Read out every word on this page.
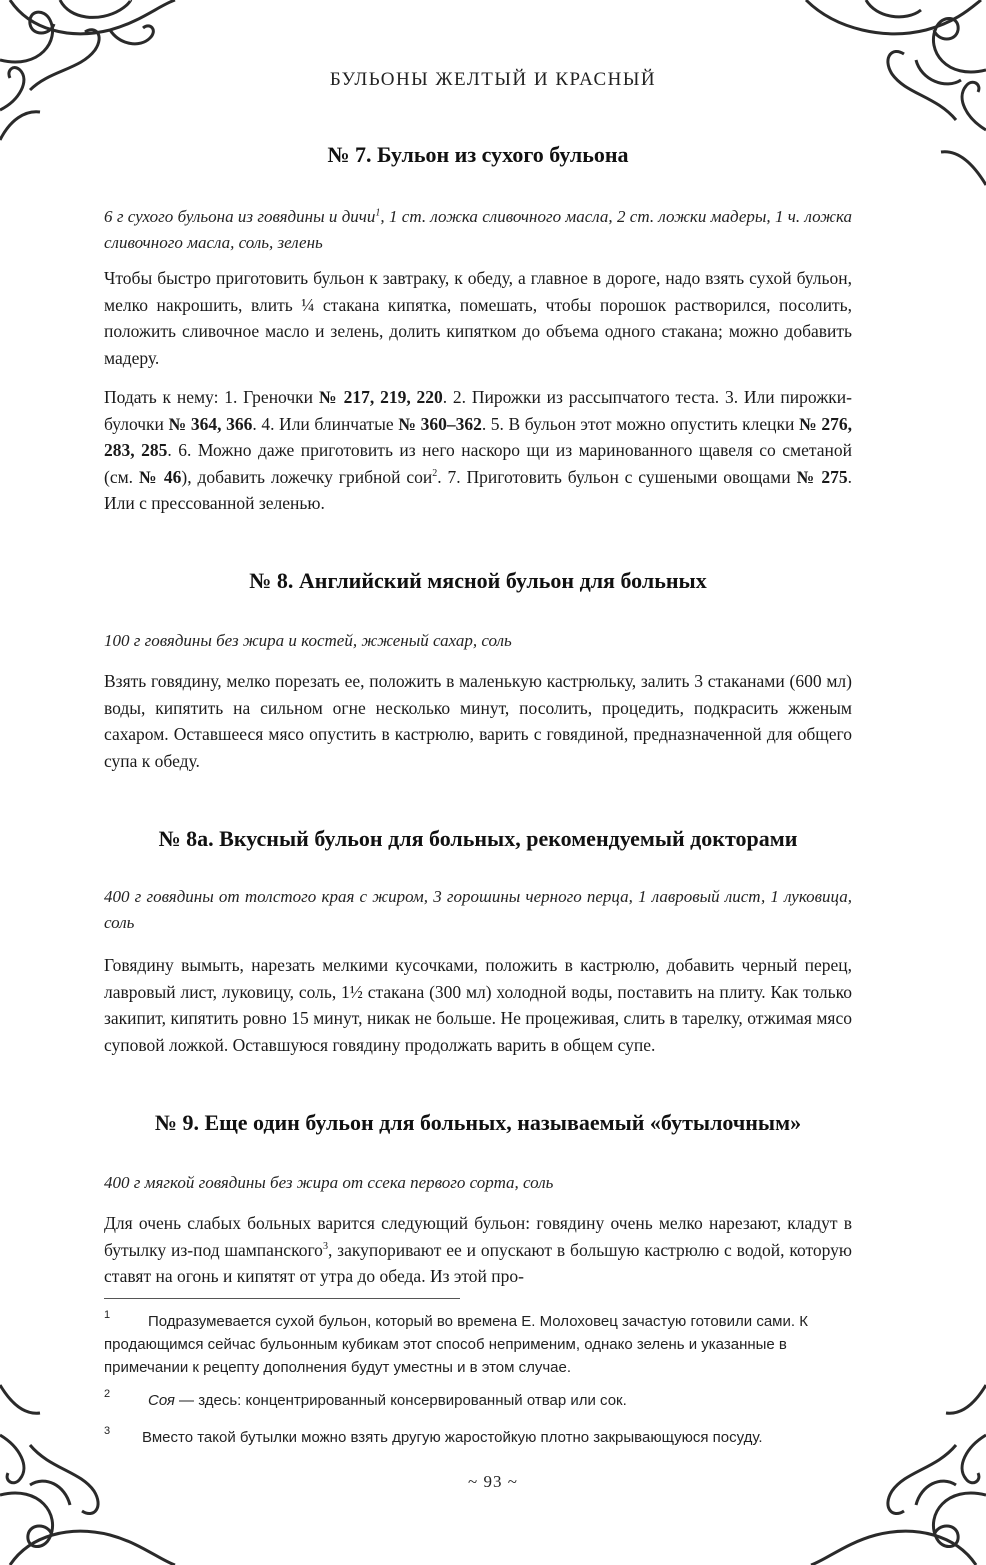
БУЛЬОНЫ ЖЕЛТЫЙ И КРАСНЫЙ
№ 7. Бульон из сухого бульона
6 г сухого бульона из говядины и дичи$^1$, 1 ст. ложка сливочного масла, 2 ст. ложки мадеры, 1 ч. ложка сливочного масла, соль, зелень
Чтобы быстро приготовить бульон к завтраку, к обеду, а главное в дороге, надо взять сухой бульон, мелко накрошить, влить ¼ стакана кипятка, помешать, чтобы порошок растворился, посолить, положить сливочное масло и зелень, долить кипятком до объема одного стакана; можно добавить мадеру.
Подать к нему: 1. Греночки № 217, 219, 220. 2. Пирожки из рассыпчатого теста. 3. Или пирожки-булочки № 364, 366. 4. Или блинчатые № 360–362. 5. В бульон этот можно опустить клецки № 276, 283, 285. 6. Можно даже приготовить из него наскоро щи из маринованного щавеля со сметаной (см. № 46), добавить ложечку грибной сои$^2$. 7. Приготовить бульон с сушеными овощами № 275. Или с прессованной зеленью.
№ 8. Английский мясной бульон для больных
100 г говядины без жира и костей, жженый сахар, соль
Взять говядину, мелко порезать ее, положить в маленькую кастрюльку, залить 3 стаканами (600 мл) воды, кипятить на сильном огне несколько минут, посолить, процедить, подкрасить жженым сахаром. Оставшееся мясо опустить в кастрюлю, варить с говядиной, предназначенной для общего супа к обеду.
№ 8а. Вкусный бульон для больных, рекомендуемый докторами
400 г говядины от толстого края с жиром, 3 горошины черного перца, 1 лавровый лист, 1 луковица, соль
Говядину вымыть, нарезать мелкими кусочками, положить в кастрюлю, добавить черный перец, лавровый лист, луковицу, соль, 1½ стакана (300 мл) холодной воды, поставить на плиту. Как только закипит, кипятить ровно 15 минут, никак не больше. Не процеживая, слить в тарелку, отжимая мясо суповой ложкой. Оставшуюся говядину продолжать варить в общем супе.
№ 9. Еще один бульон для больных, называемый «бутылочным»
400 г мягкой говядины без жира от ссека первого сорта, соль
Для очень слабых больных варится следующий бульон: говядину очень мелко нарезают, кладут в бутылку из-под шампанского$^3$, закупоривают ее и опускают в большую кастрюлю с водой, которую ставят на огонь и кипятят от утра до обеда. Из этой про-
1	Подразумевается сухой бульон, который во времена Е. Молоховец зачастую готовили сами. К продающимся сейчас бульонным кубикам этот способ неприменим, однако зелень и указанные в примечании к рецепту дополнения будут уместны и в этом случае.
2	Соя — здесь: концентрированный консервированный отвар или сок.
3	Вместо такой бутылки можно взять другую жаростойкую плотно закрывающуюся посуду.
~ 93 ~
